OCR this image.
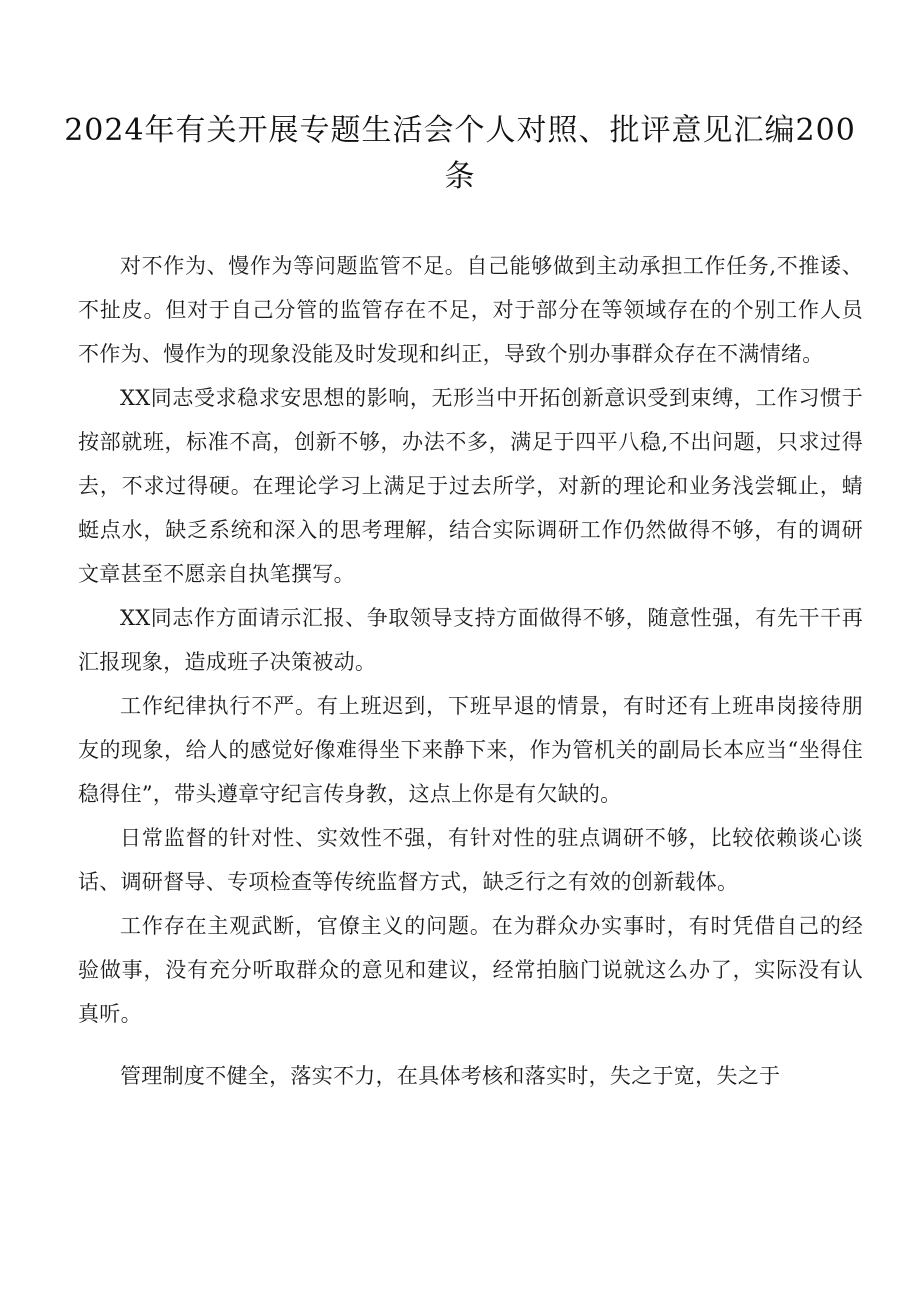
2024年有关开展专题生活会个人对照、批评意见汇编200条

对不作为、慢作为等问题监管不足。自己能够做到主动承担工作任务,不推诿、不扯皮。但对于自己分管的监管存在不足，对于部分在等领域存在的个别工作人员不作为、慢作为的现象没能及时发现和纠正，导致个别办事群众存在不满情绪。

XX同志受求稳求安思想的影响，无形当中开拓创新意识受到束缚，工作习惯于按部就班，标准不高，创新不够，办法不多，满足于四平八稳,不出问题，只求过得去，不求过得硬。在理论学习上满足于过去所学，对新的理论和业务浅尝辄止，蜻蜓点水，缺乏系统和深入的思考理解，结合实际调研工作仍然做得不够，有的调研文章甚至不愿亲自执笔撰写。

XX同志作方面请示汇报、争取领导支持方面做得不够，随意性强，有先干干再汇报现象，造成班子决策被动。

工作纪律执行不严。有上班迟到，下班早退的情景，有时还有上班串岗接待朋友的现象，给人的感觉好像难得坐下来静下来，作为管机关的副局长本应当“坐得住稳得住”，带头遵章守纪言传身教，这点上你是有欠缺的。

日常监督的针对性、实效性不强，有针对性的驻点调研不够，比较依赖谈心谈话、调研督导、专项检查等传统监督方式，缺乏行之有效的创新载体。

工作存在主观武断，官僚主义的问题。在为群众办实事时，有时凭借自己的经验做事，没有充分听取群众的意见和建议，经常拍脑门说就这么办了，实际没有认真听。

管理制度不健全，落实不力，在具体考核和落实时，失之于宽，失之于
